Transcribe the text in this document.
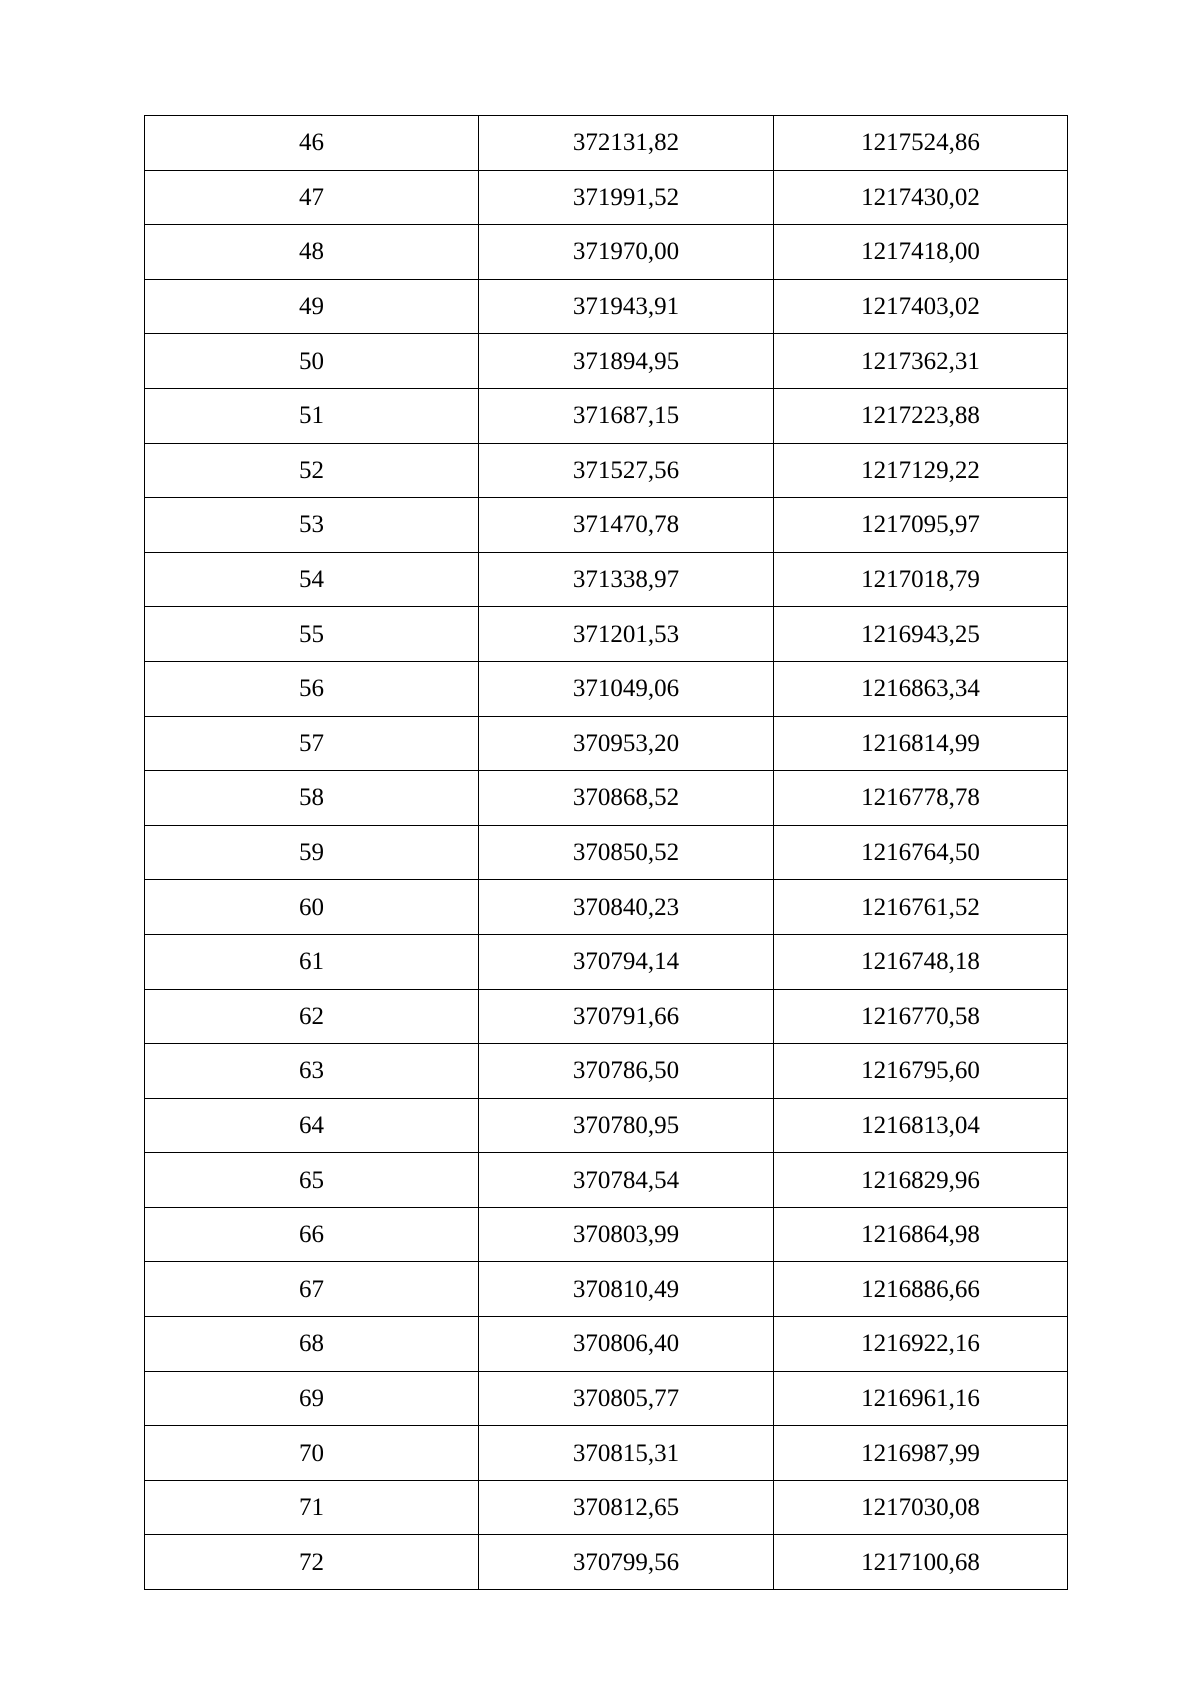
46	372131,82	1217524,86
47	371991,52	1217430,02
48	371970,00	1217418,00
49	371943,91	1217403,02
50	371894,95	1217362,31
51	371687,15	1217223,88
52	371527,56	1217129,22
53	371470,78	1217095,97
54	371338,97	1217018,79
55	371201,53	1216943,25
56	371049,06	1216863,34
57	370953,20	1216814,99
58	370868,52	1216778,78
59	370850,52	1216764,50
60	370840,23	1216761,52
61	370794,14	1216748,18
62	370791,66	1216770,58
63	370786,50	1216795,60
64	370780,95	1216813,04
65	370784,54	1216829,96
66	370803,99	1216864,98
67	370810,49	1216886,66
68	370806,40	1216922,16
69	370805,77	1216961,16
70	370815,31	1216987,99
71	370812,65	1217030,08
72	370799,56	1217100,68
